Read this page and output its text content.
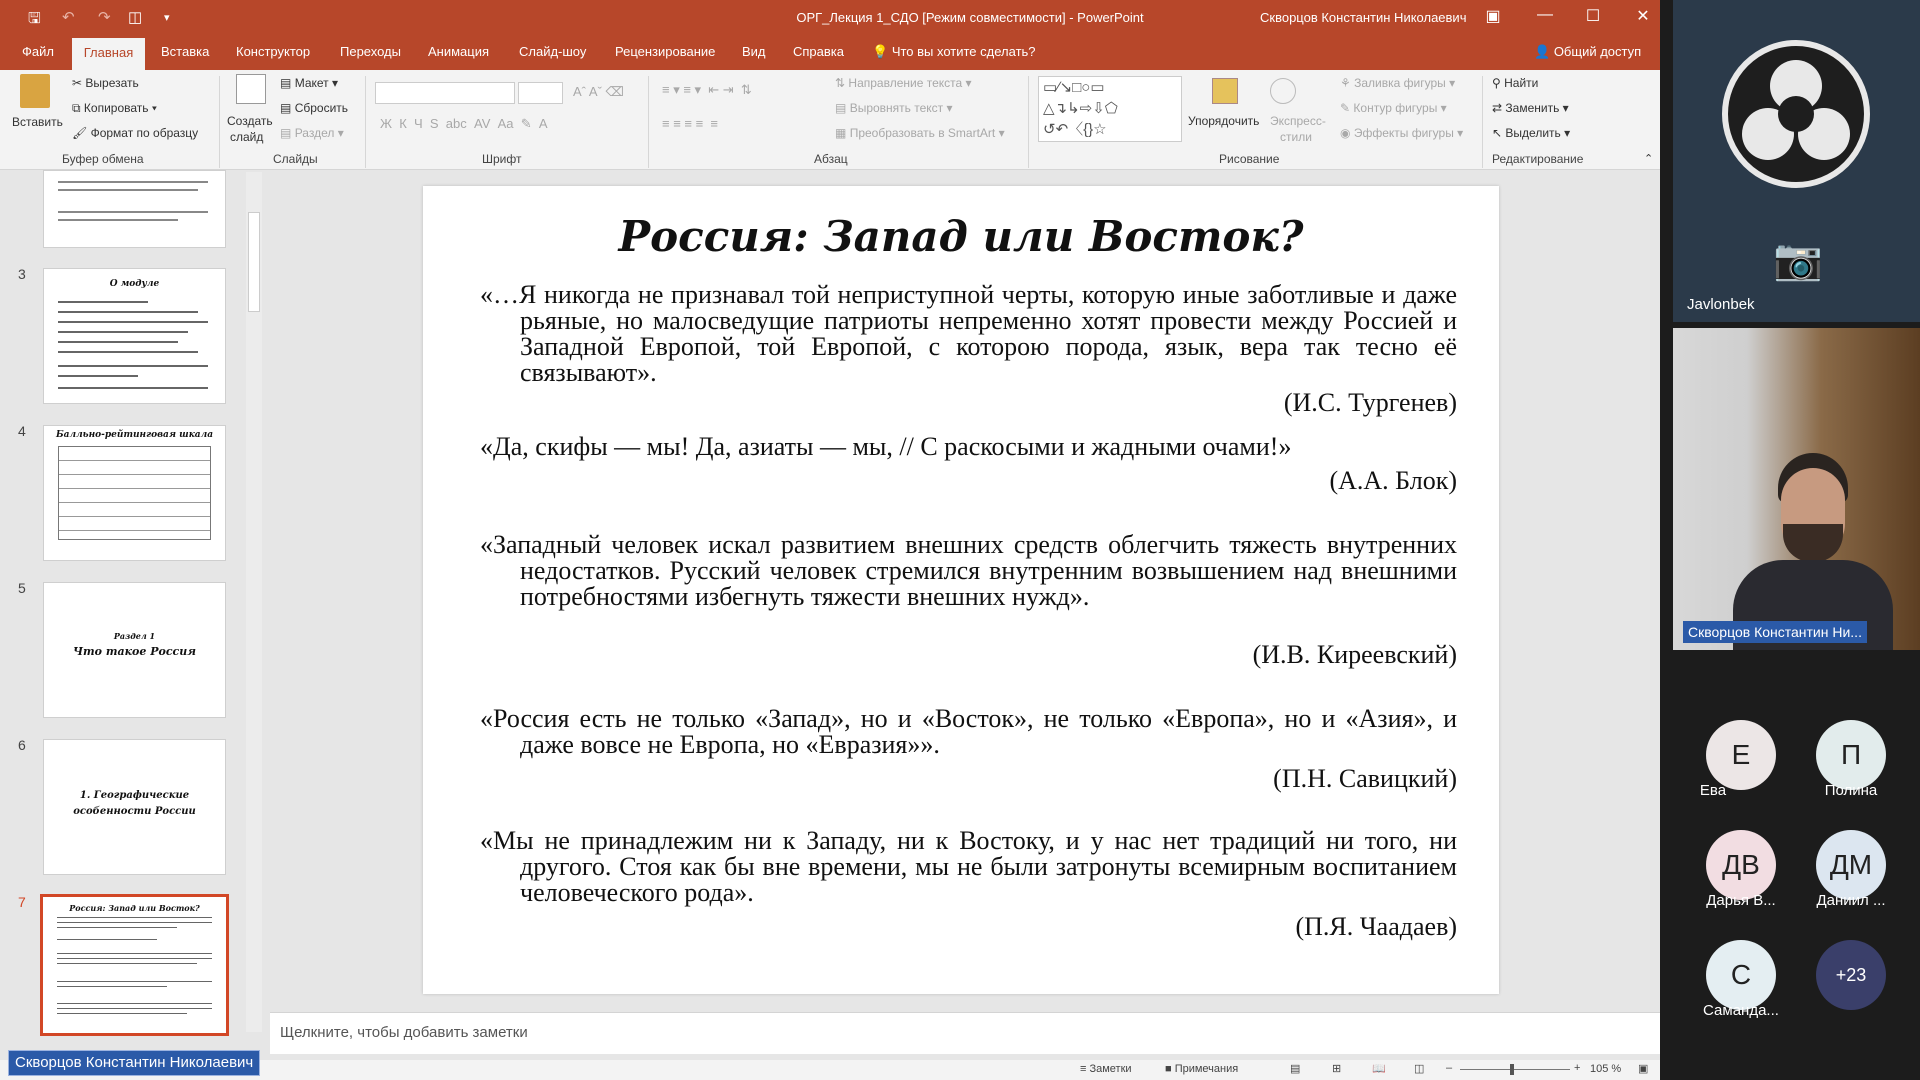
🖫 ↶ ↷ ◫ ▾	ОРГ_Лекция 1_СДО [Режим совместимости] - PowerPoint	Скворцов Константин Николаевич	▣	—	☐	✕
Файл	Главная	Вставка Конструктор Переходы Анимация Слайд-шоу Рецензирование Вид Справка 💡 Что вы хотите сделать?	👤 Общий доступ
Вставить
✂ Вырезать
⧉ Копировать ▾
🖌 Формат по образцу
Буфер обмена
Создать
слайд
▤ Макет ▾
▤ Сбросить
▤ Раздел ▾
Слайды
Aˆ Aˇ ⌫
Ж  К  Ч  S  abc  AV  Aa  ✎  A
Шрифт
≡ ▾ ≡ ▾  ⇤ ⇥  ⇅
≡ ≡ ≡ ≡  ≡
⇅ Направление текста ▾
▤ Выровнять текст ▾
▦ Преобразовать в SmartArt ▾
Абзац
▭∕↘□○▭
△↴↳⇨⇩⬠
↺↶〈{}☆	Упорядочить Экспресс-
стили
⚘ Заливка фигуры ▾
✎ Контур фигуры ▾
◉ Эффекты фигуры ▾
Рисование
⚲ Найти
⇄ Заменить ▾
↖ Выделить ▾
Редактирование	⌃
3
О модуле
4	Балльно-рейтинговая шкала
5
Раздел 1
Что такое Россия
6
1. Географические особенности России
7	Россия: Запад или Восток?
Россия: Запад или Восток?
«…Я никогда не признавал той неприступной черты, которую иные заботливые и даже рьяные, но малосведущие патриоты непременно хотят провести между Россией и Западной Европой, той Европой, с которою порода, язык, вера так тесно её связывают».
(И.С. Тургенев)
«Да, скифы — мы! Да, азиаты — мы, // С раскосыми и жадными очами!»
(А.А. Блок)
«Западный человек искал развитием внешних средств облегчить тяжесть внутренних недостатков. Русский человек стремился внутренним возвышением над внешними потребностями избегнуть тяжести внешних нужд».
(И.В. Киреевский)
«Россия есть не только «Запад», но и «Восток», не только «Европа», но и «Азия», и даже вовсе не Европа, но «Евразия»».
(П.Н. Савицкий)
«Мы не принадлежим ни к Западу, ни к Востоку, и у нас нет традиций ни того, ни другого. Стоя как бы вне времени, мы не были затронуты всемирным воспитанием человеческого рода».
(П.Я. Чаадаев)
Щелкните, чтобы добавить заметки
≡ Заметки	■ Примечания	▤	⊞	📖	◫ –	+ 105 % ▣
Скворцов Константин Николаевич
📷
Javlonbek
Скворцов Константин Ни...
Е
Ева
П
Полина
ДВ
Дарья В...
ДМ
Даниил ...
С
Саманда...
+23
